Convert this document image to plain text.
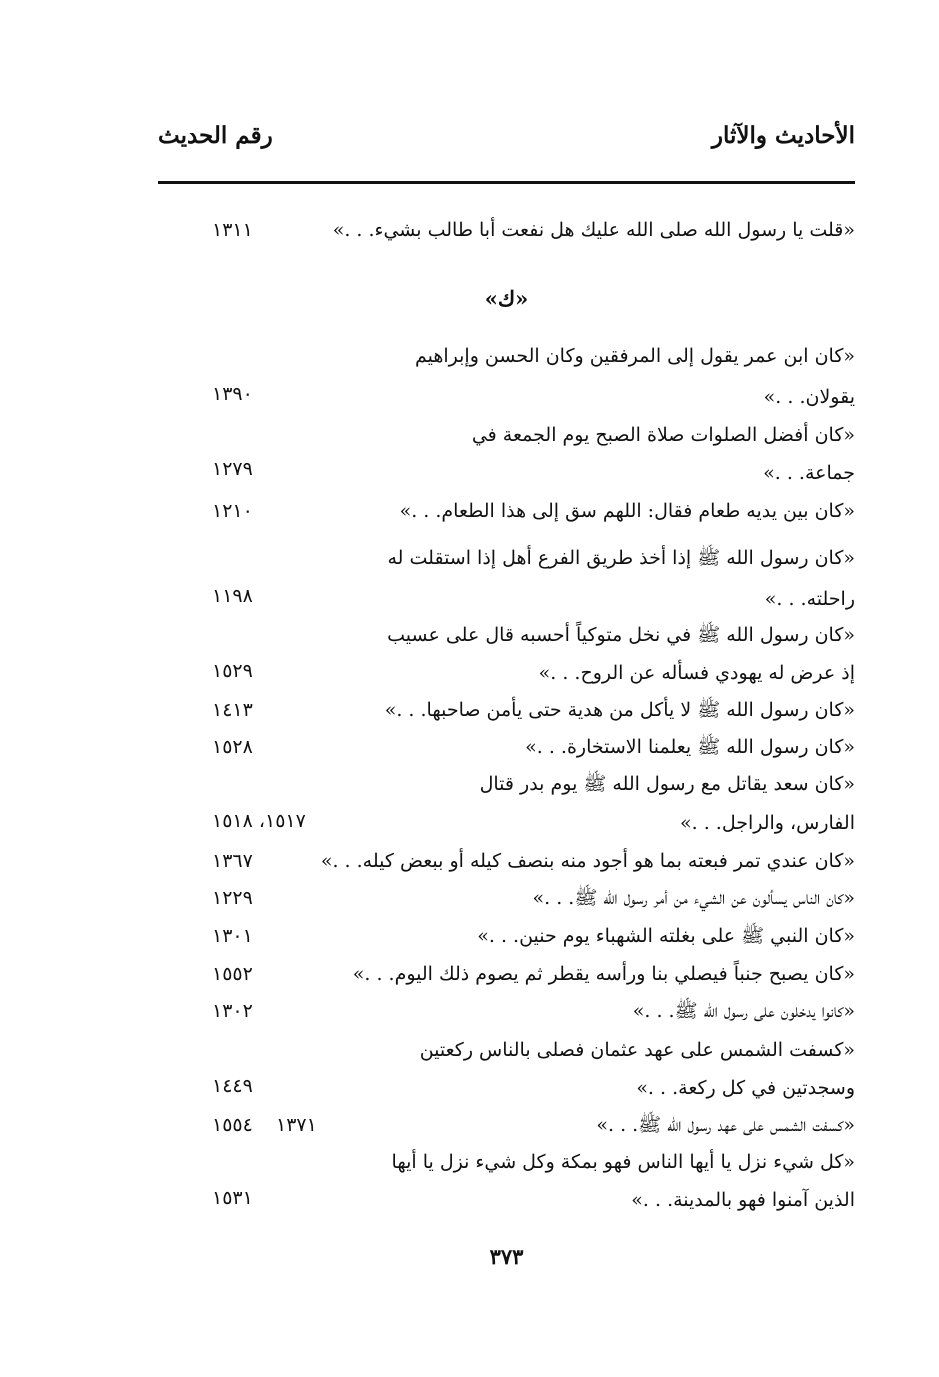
الأحاديث والآثار
رقم الحديث
«قلت يا رسول الله صلى الله عليك هل نفعت أبا طالب بشيء. . .»
١٣١١
«ك»
«كان ابن عمر يقول إلى المرفقين وكان الحسن وإبراهيم
يقولان. . .»
١٣٩٠
«كان أفضل الصلوات صلاة الصبح يوم الجمعة في
جماعة. . .»
١٢٧٩
«كان بين يديه طعام فقال: اللهم سق إلى هذا الطعام. . .»
١٢١٠
«كان رسول الله ﷺ إذا أخذ طريق الفرع أهل إذا استقلت له
راحلته. . .»
١١٩٨
«كان رسول الله ﷺ في نخل متوكياً أحسبه قال على عسيب
إذ عرض له يهودي فسأله عن الروح. . .»
١٥٢٩
«كان رسول الله ﷺ لا يأكل من هدية حتى يأمن صاحبها. . .»
١٤١٣
«كان رسول الله ﷺ يعلمنا الاستخارة. . .»
١٥٢٨
«كان سعد يقاتل مع رسول الله ﷺ يوم بدر قتال
الفارس، والراجل. . .»
١٥١٧، ١٥١٨
«كان عندي تمر فبعته بما هو أجود منه بنصف كيله أو ببعض كيله. . .»
١٣٦٧
«كان الناس يسألون عن الشيء من أمر رسول الله ﷺ. . .»
١٢٢٩
«كان النبي ﷺ على بغلته الشهباء يوم حنين. . .»
١٣٠١
«كان يصبح جنباً فيصلي بنا ورأسه يقطر ثم يصوم ذلك اليوم. . .»
١٥٥٢
«كانوا يدخلون على رسول الله ﷺ. . .»
١٣٠٢
«كسفت الشمس على عهد عثمان فصلى بالناس ركعتين
وسجدتين في كل ركعة. . .»
١٤٤٩
«كسفت الشمس على عهد رسول الله ﷺ. . .»
١٣٧١
١٥٥٤
«كل شيء نزل يا أيها الناس فهو بمكة وكل شيء نزل يا أيها
الذين آمنوا فهو بالمدينة. . .»
١٥٣١
٣٧٣
